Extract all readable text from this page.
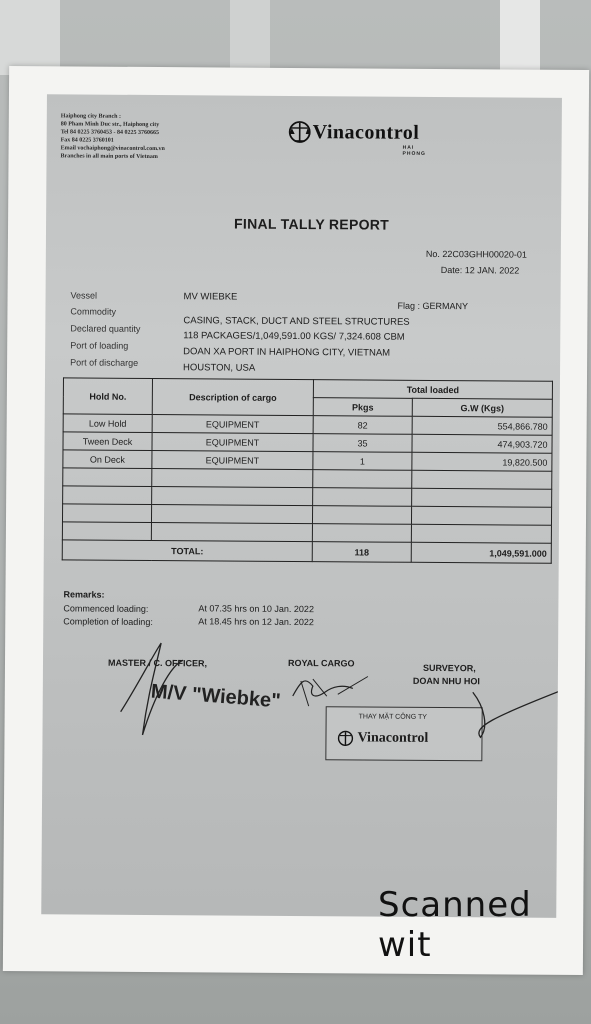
Haiphong city Branch :
80 Pham Minh Duc str., Haiphong city
Tel 84 0225 3760453 - 84 0225 3760665
Fax 84 0225 3760101
Email vochaiphong@vinacontrol.com.vn
Branches in all main ports of Vietnam
Vinacontrol
HAI PHONG
FINAL TALLY REPORT
No. 22C03GHH00020-01
Date: 12 JAN. 2022
Vessel	MV WIEBKE
Flag : GERMANY
Commodity
CASING, STACK, DUCT AND STEEL STRUCTURES
Declared quantity
118 PACKAGES/1,049,591.00 KGS/ 7,324.608 CBM
Port of loading
DOAN XA PORT IN HAIPHONG CITY, VIETNAM
Port of discharge	HOUSTON, USA
Hold No.	Description of cargo	Total loaded	
		Pkgs	G.W (Kgs)
Low Hold	EQUIPMENT	82	554,866.780
Tween Deck	EQUIPMENT	35	474,903.720
On Deck	EQUIPMENT	1	19,820.500

TOTAL:		118	1,049,591.000
Remarks:
Commenced loading:	At 07.35 hrs on 10 Jan. 2022
Completion of loading:	At 18.45 hrs on 12 Jan. 2022
MASTER / C. OFFICER,	ROYAL CARGO	SURVEYOR,
DOAN NHU HOI
M/V "Wiebke"
THAY MẶT CÔNG TY
Vinacontrol
Scanned wit
